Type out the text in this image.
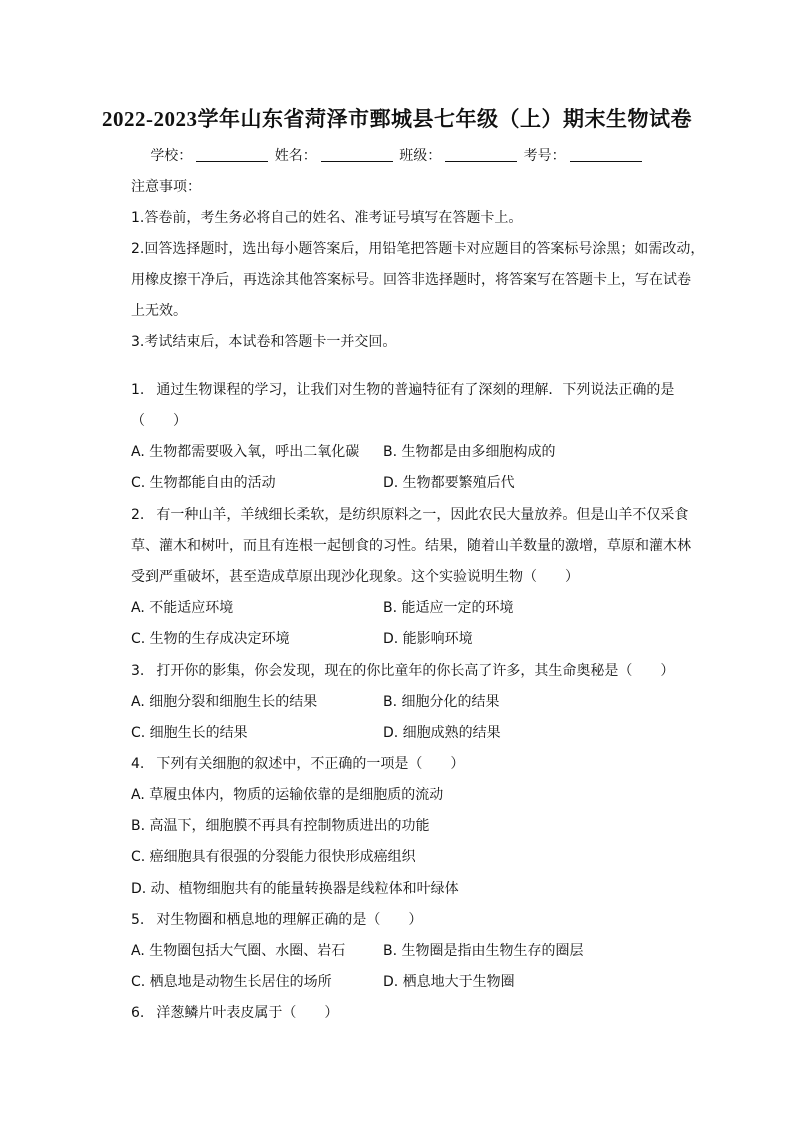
2022-2023学年山东省菏泽市鄄城县七年级（上）期末生物试卷
学校：	姓名：	班级：	考号：
注意事项：
1.答卷前，考生务必将自己的姓名、准考证号填写在答题卡上。
2.回答选择题时，选出每小题答案后，用铅笔把答题卡对应题目的答案标号涂黑；如需改动，
用橡皮擦干净后，再选涂其他答案标号。回答非选择题时，将答案写在答题卡上，写在试卷
上无效。
3.考试结束后，本试卷和答题卡一并交回。
1. 通过生物课程的学习，让我们对生物的普遍特征有了深刻的理解．下列说法正确的是
（　　）
A. 生物都需要吸入氧，呼出二氧化碳 B. 生物都是由多细胞构成的
C. 生物都能自由的活动	D. 生物都要繁殖后代
2. 有一种山羊，羊绒细长柔软，是纺织原料之一，因此农民大量放养。但是山羊不仅采食
草、灌木和树叶，而且有连根一起刨食的习性。结果，随着山羊数量的激增，草原和灌木林
受到严重破坏，甚至造成草原出现沙化现象。这个实验说明生物（　　）
A. 不能适应环境	B. 能适应一定的环境
C. 生物的生存成决定环境	D. 能影响环境
3. 打开你的影集，你会发现，现在的你比童年的你长高了许多，其生命奥秘是（　　）
A. 细胞分裂和细胞生长的结果	B. 细胞分化的结果
C. 细胞生长的结果	D. 细胞成熟的结果
4. 下列有关细胞的叙述中，不正确的一项是（　　）
A. 草履虫体内，物质的运输依靠的是细胞质的流动
B. 高温下，细胞膜不再具有控制物质进出的功能
C. 癌细胞具有很强的分裂能力很快形成癌组织
D. 动、植物细胞共有的能量转换器是线粒体和叶绿体
5. 对生物圈和栖息地的理解正确的是（　　）
A. 生物圈包括大气圈、水圈、岩石	B. 生物圈是指由生物生存的圈层
C. 栖息地是动物生长居住的场所	D. 栖息地大于生物圈
6. 洋葱鳞片叶表皮属于（　　）
